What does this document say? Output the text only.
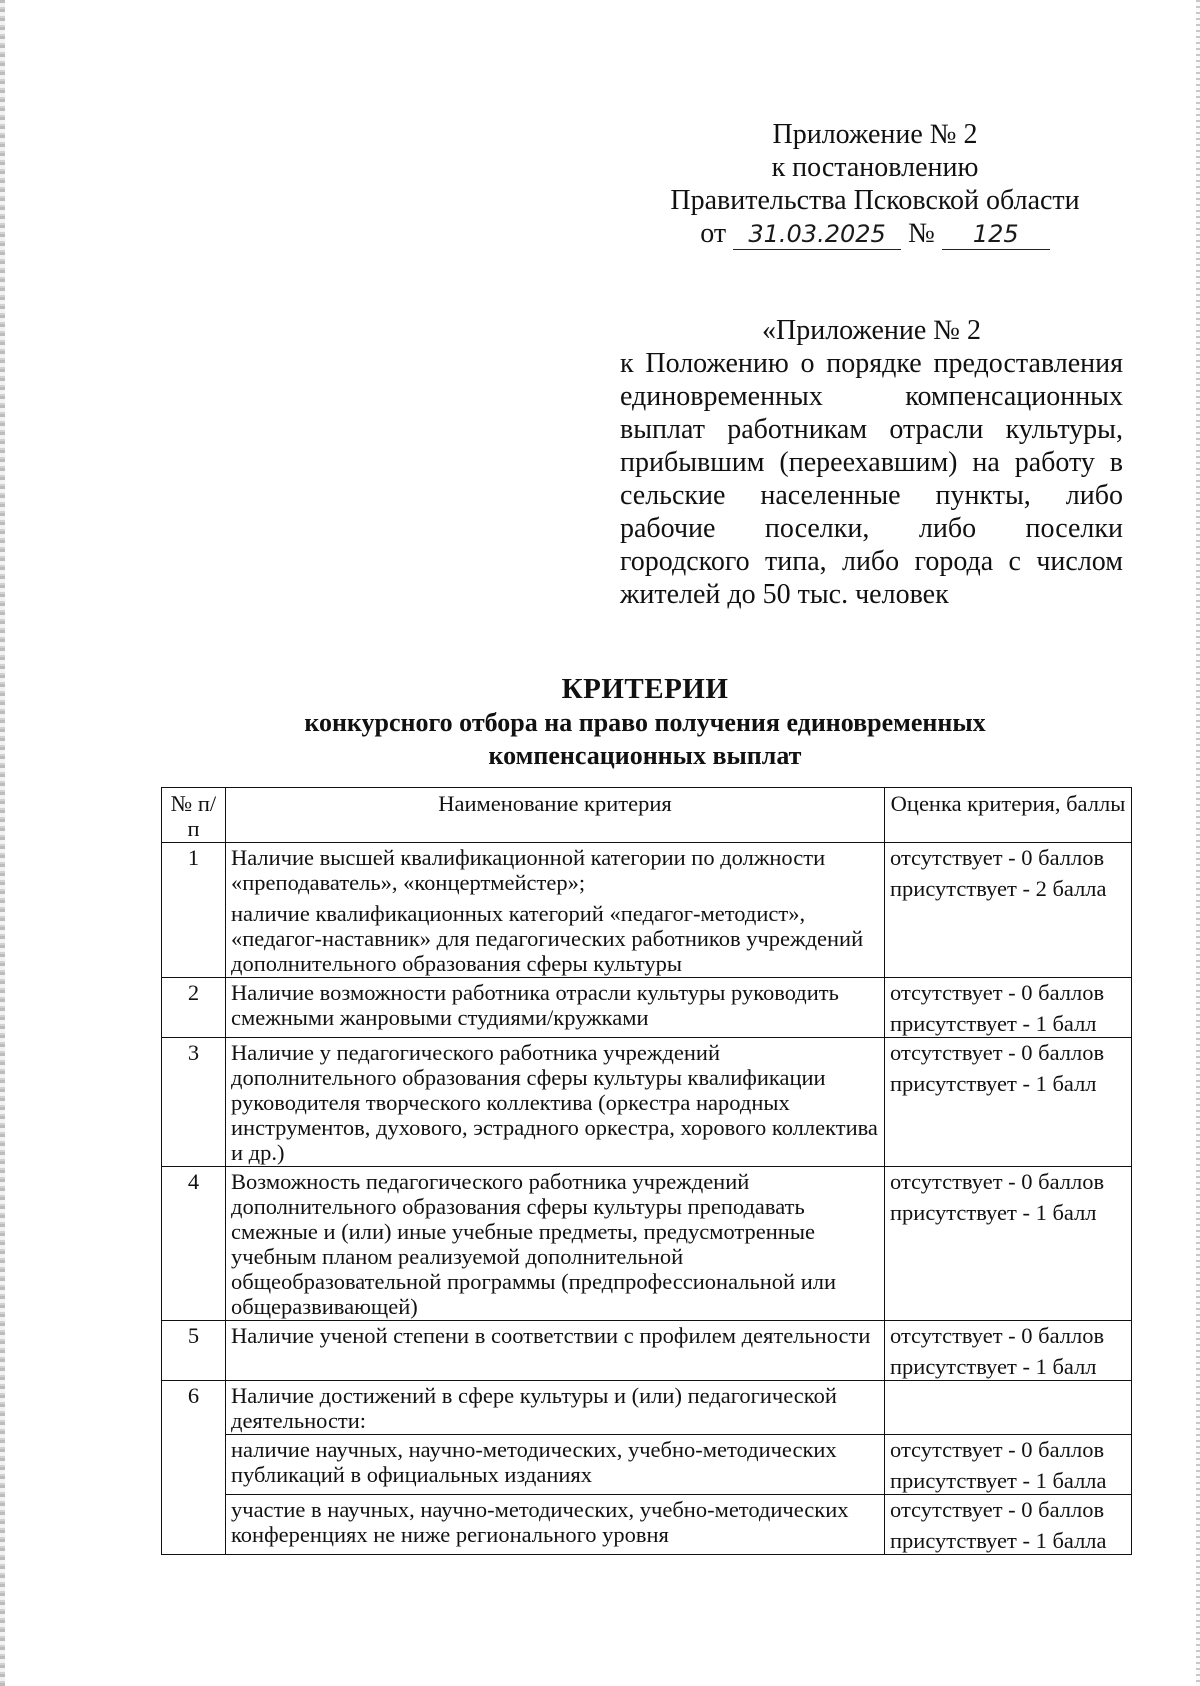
Приложение № 2
к постановлению
Правительства Псковской области
от 31.03.2025 № 125
«Приложение № 2
к Положению о порядке предоставления единовременных компенсационных выплат работникам отрасли культуры, прибывшим (переехавшим) на работу в сельские населенные пункты, либо рабочие поселки, либо поселки городского типа, либо города с числом жителей до 50 тыс. человек
КРИТЕРИИ
конкурсного отбора на право получения единовременных
компенсационных выплат
№ п/п	Наименование критерия	Оценка критерия, баллы
1	Наличие высшей квалификационной категории по должности «преподаватель», «концертмейстер»;
наличие квалификационных категорий «педагог-методист», «педагог-наставник» для педагогических работников учреждений дополнительного образования сферы культуры	отсутствует - 0 баллов
присутствует - 2 балла

2	Наличие возможности работника отрасли культуры руководить смежными жанровыми студиями/кружками	отсутствует - 0 баллов
присутствует - 1 балл

3	Наличие у педагогического работника учреждений дополнительного образования сферы культуры квалификации руководителя творческого коллектива (оркестра народных инструментов, духового, эстрадного оркестра, хорового коллектива и др.)	отсутствует - 0 баллов
присутствует - 1 балл

4	Возможность педагогического работника учреждений дополнительного образования сферы культуры преподавать смежные и (или) иные учебные предметы, предусмотренные учебным планом реализуемой дополнительной общеобразовательной программы (предпрофессиональной или общеразвивающей)	отсутствует - 0 баллов
присутствует - 1 балл

5	Наличие ученой степени в соответствии с профилем деятельности	отсутствует - 0 баллов
присутствует - 1 балл

6	Наличие достижений в сфере культуры и (или) педагогической деятельности:	
	наличие научных, научно-методических, учебно-методических публикаций в официальных изданиях	отсутствует - 0 баллов
присутствует - 1 балла

	участие в научных, научно-методических, учебно-методических конференциях не ниже регионального уровня	отсутствует - 0 баллов
присутствует - 1 балла
